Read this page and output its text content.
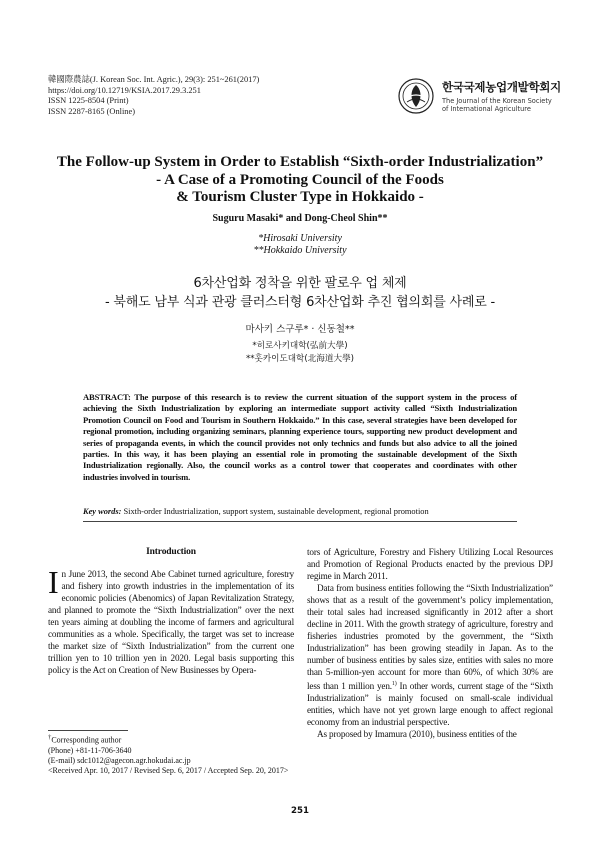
韓國際農誌(J. Korean Soc. Int. Agric.), 29(3): 251~261(2017)
https://doi.org/10.12719/KSIA.2017.29.3.251
ISSN 1225-8504 (Print)
ISSN 2287-8165 (Online)
한국국제농업개발학회지
The Journal of the Korean Society
of International Agriculture
The Follow-up System in Order to Establish “Sixth-order Industrialization”
- A Case of a Promoting Council of the Foods
& Tourism Cluster Type in Hokkaido -
Suguru Masaki* and Dong-Cheol Shin**
*Hirosaki University
**Hokkaido University
6차산업화 정착을 위한 팔로우 업 체제
- 북해도 남부 식과 관광 클러스터형 6차산업화 추진 협의회를 사례로 -
마사키 스구루* · 신동철**
*히로사키대학(弘前大學)
**홋카이도대학(北海道大學)
ABSTRACT: The purpose of this research is to review the current situation of the support system in the process of achieving the Sixth Industrialization by exploring an intermediate support activity called “Sixth Industrialization Promotion Council on Food and Tourism in Southern Hokkaido.” In this case, several strategies have been developed for regional promotion, including organizing seminars, planning experience tours, supporting new product development and series of propaganda events, in which the council provides not only technics and funds but also advice to all the joined parties. In this way, it has been playing an essential role in promoting the sustainable development of the Sixth Industrialization regionally. Also, the council works as a control tower that cooperates and coordinates with other industries involved in tourism.
Key words: Sixth-order Industrialization, support system, sustainable development, regional promotion
Introduction

In June 2013, the second Abe Cabinet turned agriculture, forestry and fishery into growth industries in the implementation of its economic policies (Abenomics) of Japan Revitalization Strategy, and planned to promote the “Sixth Industrialization” over the next ten years aiming at doubling the income of farmers and agricultural communities as a whole. Specifically, the target was set to increase the market size of “Sixth Industrialization” from the current one trillion yen to 10 trillion yen in 2020. Legal basis supporting this policy is the Act on Creation of New Businesses by Opera-

tors of Agriculture, Forestry and Fishery Utilizing Local Resources and Promotion of Regional Products enacted by the previous DPJ regime in March 2011.

Data from business entities following the “Sixth Industrialization” shows that as a result of the government’s policy implementation, their total sales had increased significantly in 2012 after a short decline in 2011. With the growth strategy of agriculture, forestry and fisheries industries promoted by the government, the “Sixth Industrialization” has been growing steadily in Japan. As to the number of business entities by sales size, entities with sales no more than 5-million-yen account for more than 60%, of which 30% are less than 1 million yen.$^{1)}$ In other words, current stage of the “Sixth Industrialization” is mainly focused on small-scale individual entities, which have not yet grown large enough to affect regional economy from an industrial perspective.

As proposed by Imamura (2010), business entities of the

†Corresponding author
(Phone) +81-11-706-3640
(E-mail) sdc1012@agecon.agr.hokudai.ac.jp
<Received Apr. 10, 2017 / Revised Sep. 6, 2017 / Accepted Sep. 20, 2017>
251
